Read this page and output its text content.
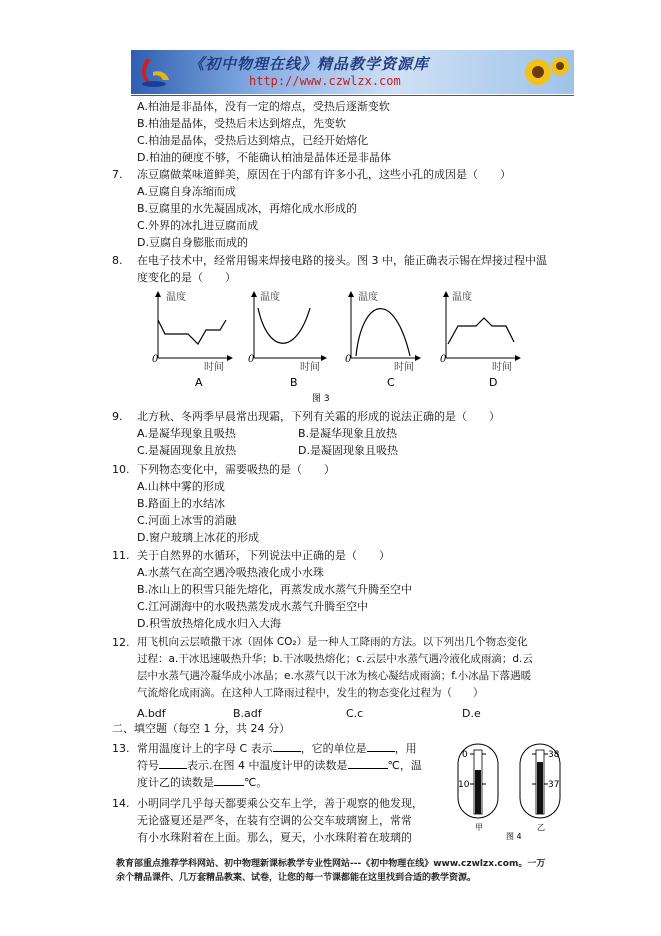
《初中物理在线》精品教学资源库
http://www.czwlzx.com
A.柏油是非晶体，没有一定的熔点，受热后逐渐变软
B.柏油是晶体，受热后未达到熔点，先变软
C.柏油是晶体，受热后达到熔点，已经开始熔化
D.柏油的硬度不够，不能确认柏油是晶体还是非晶体
7. 冻豆腐做菜味道鲜美，原因在于内部有许多小孔，这些小孔的成因是（　　）
A.豆腐自身冻缩而成
B.豆腐里的水先凝固成冰，再熔化成水形成的
C.外界的冰扎进豆腐而成
D.豆腐自身膨胀而成的
8. 在电子技术中，经常用锡来焊接电路的接头。图 3 中，能正确表示锡在焊接过程中温
度变化的是（　　）
温度	温度	温度	温度
时间	时间	时间	时间
0	0	0	0
A	B	C	D
图 3
9. 北方秋、冬两季早晨常出现霜，下列有关霜的形成的说法正确的是（　　）
A.是凝华现象且吸热	B.是凝华现象且放热
C.是凝固现象且放热	D.是凝固现象且吸热
10. 下列物态变化中，需要吸热的是（　　）
A.山林中雾的形成
B.路面上的水结冰
C.河面上冰雪的消融
D.窗户玻璃上冰花的形成
11. 关于自然界的水循环，下列说法中正确的是（　　）
A.水蒸气在高空遇冷吸热液化成小水珠
B.冰山上的积雪只能先熔化，再蒸发成水蒸气升腾至空中
C.江河湖海中的水吸热蒸发成水蒸气升腾至空中
D.积雪放热熔化成水归入大海
12. 用飞机向云层喷撒干冰（固体 CO₂）是一种人工降雨的方法。以下列出几个物态变化
过程：a.干冰迅速吸热升华；b.干冰吸热熔化；c.云层中水蒸气遇冷液化成雨滴；d.云
层中水蒸气遇冷凝华成小冰晶；e.水蒸气以干冰为核心凝结成雨滴；f.小冰晶下落遇暖
气流熔化成雨滴。在这种人工降雨过程中，发生的物态变化过程为（　　）
A.bdf	B.adf	C.c	D.e
二、填空题（每空 1 分，共 24 分）
13. 常用温度计上的字母 C 表示	，它的单位是	，用
符号	表示.在图 4 中温度计甲的读数是	℃，温
度计乙的读数是	℃。
14. 小明同学几乎每天都要乘公交车上学，善于观察的他发现，
无论盛夏还是严冬，在装有空调的公交车玻璃窗上，常常
有小水珠附着在上面。那么，夏天，小水珠附着在玻璃的
0
10
甲
38
37
乙
图 4
教育部重点推荐学科网站、初中物理新课标教学专业性网站---《初中物理在线》www.czwlzx.com。一万
余个精品课件、几万套精品教案、试卷，让您的每一节课都能在这里找到合适的教学资源。
